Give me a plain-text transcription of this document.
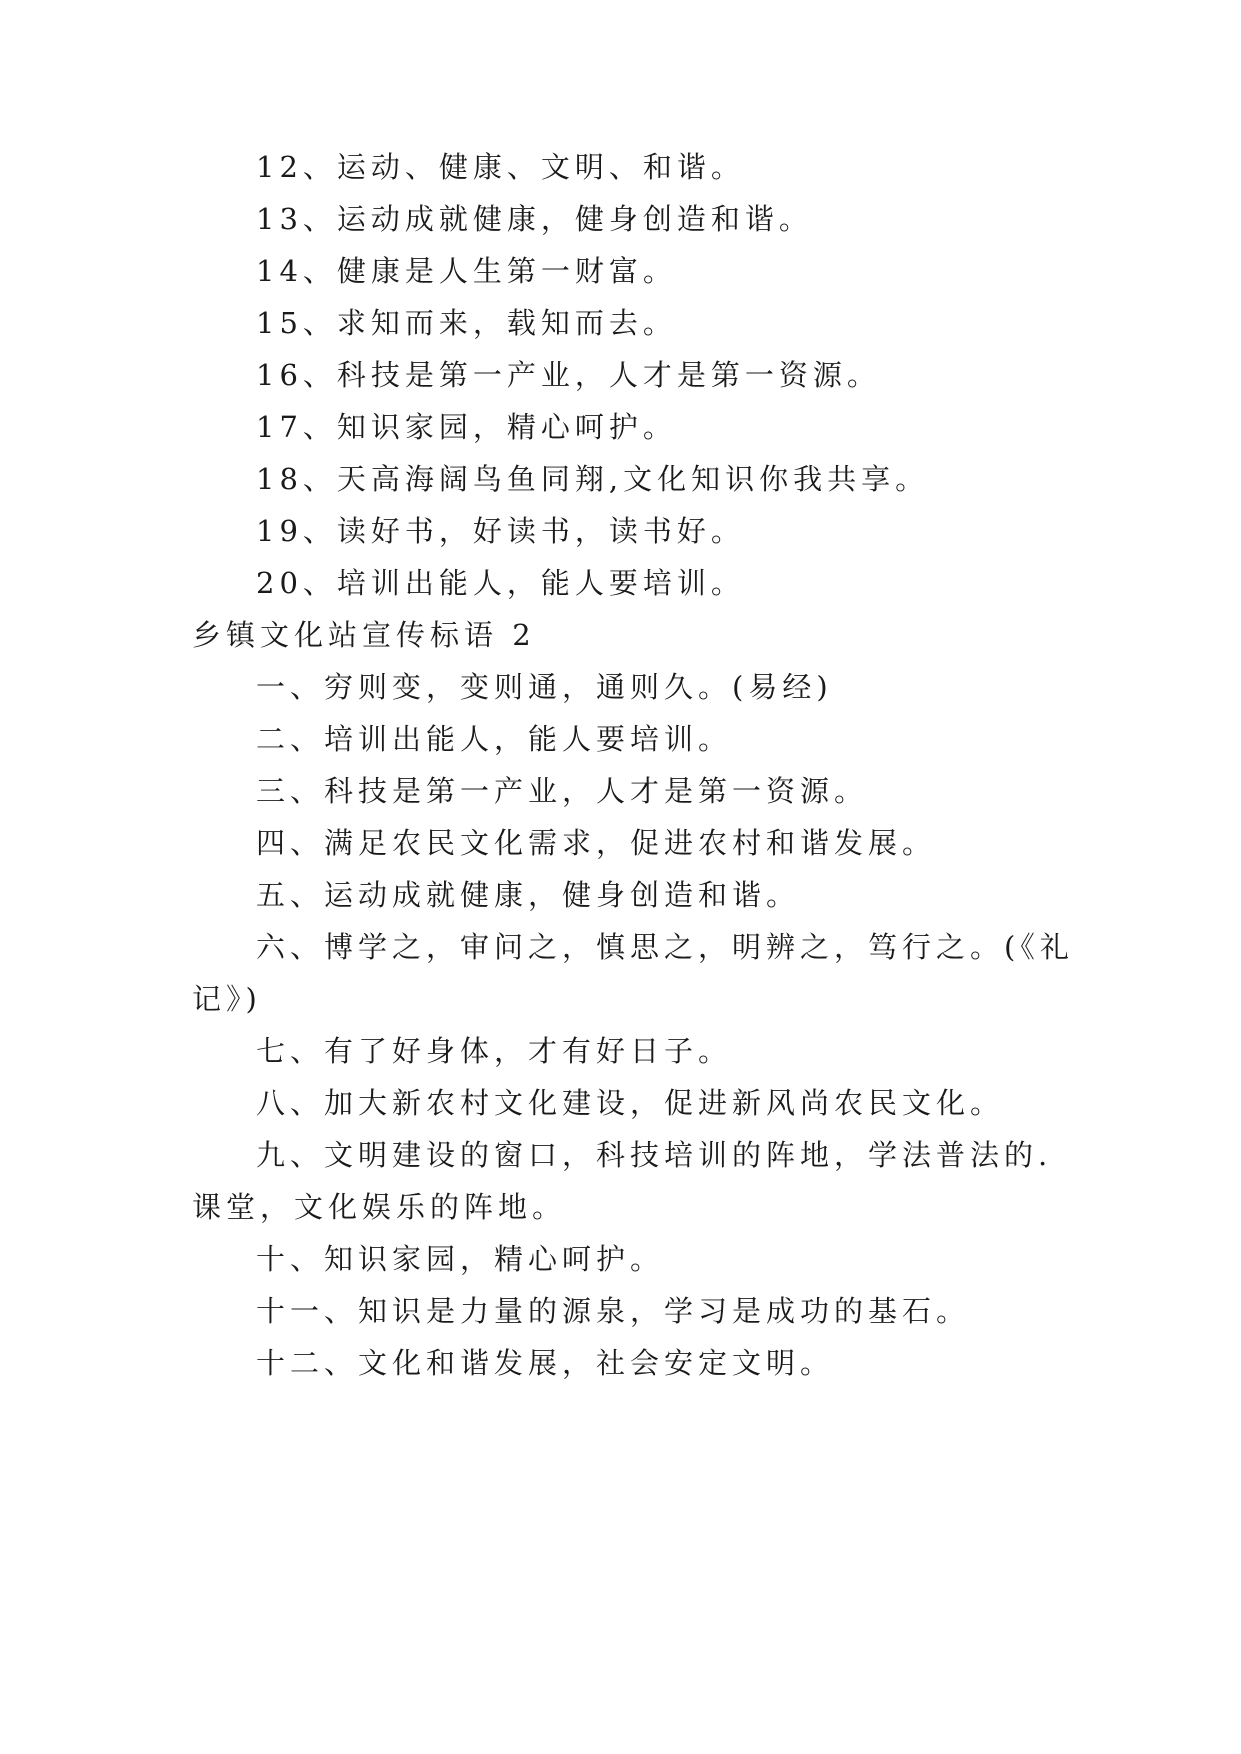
12、运动、健康、文明、和谐。
13、运动成就健康，健身创造和谐。
14、健康是人生第一财富。
15、求知而来，载知而去。
16、科技是第一产业，人才是第一资源。
17、知识家园，精心呵护。
18、天高海阔鸟鱼同翔,文化知识你我共享。
19、读好书，好读书，读书好。
20、培训出能人，能人要培训。
乡镇文化站宣传标语 2
一、穷则变，变则通，通则久。(易经)
二、培训出能人，能人要培训。
三、科技是第一产业，人才是第一资源。
四、满足农民文化需求，促进农村和谐发展。
五、运动成就健康，健身创造和谐。
六、博学之，审问之，慎思之，明辨之，笃行之。(《礼
记》)
七、有了好身体，才有好日子。
八、加大新农村文化建设，促进新风尚农民文化。
九、文明建设的窗口，科技培训的阵地，学法普法的.
课堂，文化娱乐的阵地。
十、知识家园，精心呵护。
十一、知识是力量的源泉，学习是成功的基石。
十二、文化和谐发展，社会安定文明。
